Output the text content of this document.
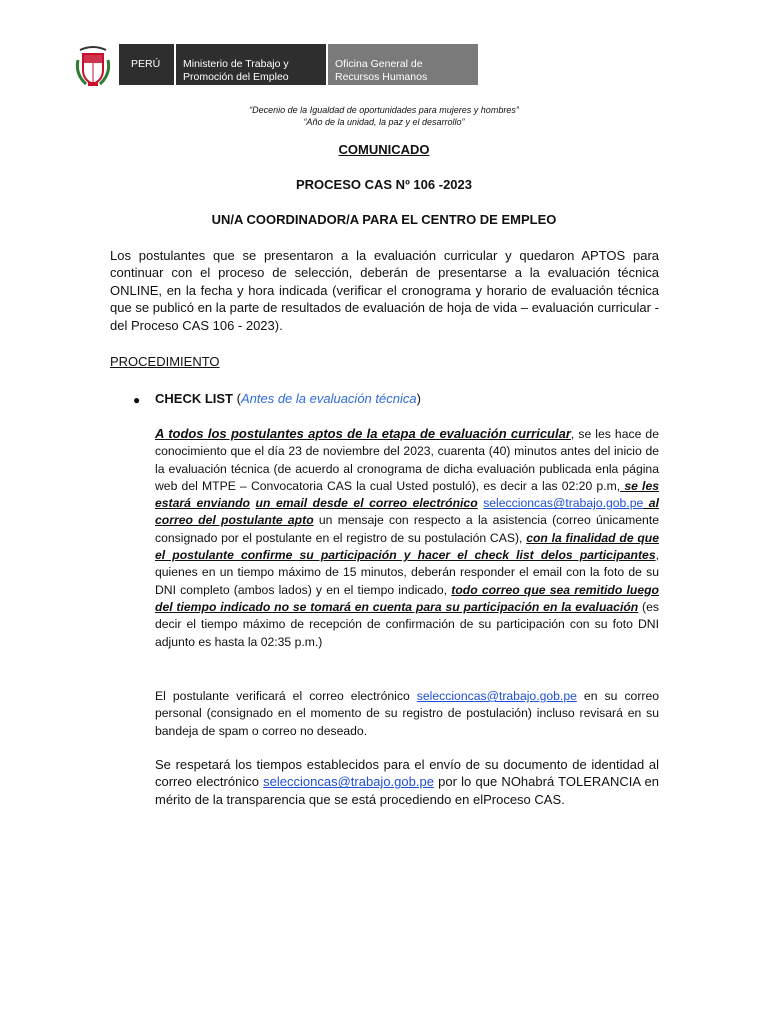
PERÚ	Ministerio de Trabajo y
Promoción del Empleo
Oficina General de
Recursos Humanos
“Decenio de la Igualdad de oportunidades para mujeres y hombres”
“Año de la unidad, la paz y el desarrollo”
COMUNICADO
PROCESO CAS Nº 106 -2023
UN/A COORDINADOR/A PARA EL CENTRO DE EMPLEO
Los postulantes que se presentaron a la evaluación curricular y quedaron APTOS para continuar con el proceso de selección, deberán de presentarse a la evaluación técnica ONLINE, en la fecha y hora indicada (verificar el cronograma y horario de evaluación técnica que se publicó en la parte de resultados de evaluación de hoja de vida – evaluación curricular - del Proceso CAS 106 - 2023).
PROCEDIMIENTO
● CHECK LIST (Antes de la evaluación técnica)
A todos los postulantes aptos de la etapa de evaluación curricular, se les hace de conocimiento que el día 23 de noviembre del 2023, cuarenta (40) minutos antes del inicio de la evaluación técnica (de acuerdo al cronograma de dicha evaluación publicada enla página web del MTPE – Convocatoria CAS la cual Usted postuló), es decir a las 02:20 p.m, se les estará enviando un email desde el correo electrónico seleccioncas@trabajo.gob.pe al correo del postulante apto un mensaje con respecto a la asistencia (correo únicamente consignado por el postulante en el registro de su postulación CAS), con la finalidad de que el postulante confirme su participación y hacer el check list delos participantes, quienes en un tiempo máximo de 15 minutos, deberán responder el email con la foto de su DNI completo (ambos lados) y en el tiempo indicado, todo correo que sea remitido luego del tiempo indicado no se tomará en cuenta para su participación en la evaluación (es decir el tiempo máximo de recepción de confirmación de su participación con su foto DNI adjunto es hasta la 02:35 p.m.)
El postulante verificará el correo electrónico seleccioncas@trabajo.gob.pe en su correo personal (consignado en el momento de su registro de postulación) incluso revisará en su bandeja de spam o correo no deseado.
Se respetará los tiempos establecidos para el envío de su documento de identidad al correo electrónico seleccioncas@trabajo.gob.pe por lo que NOhabrá TOLERANCIA en mérito de la transparencia que se está procediendo en elProceso CAS.
